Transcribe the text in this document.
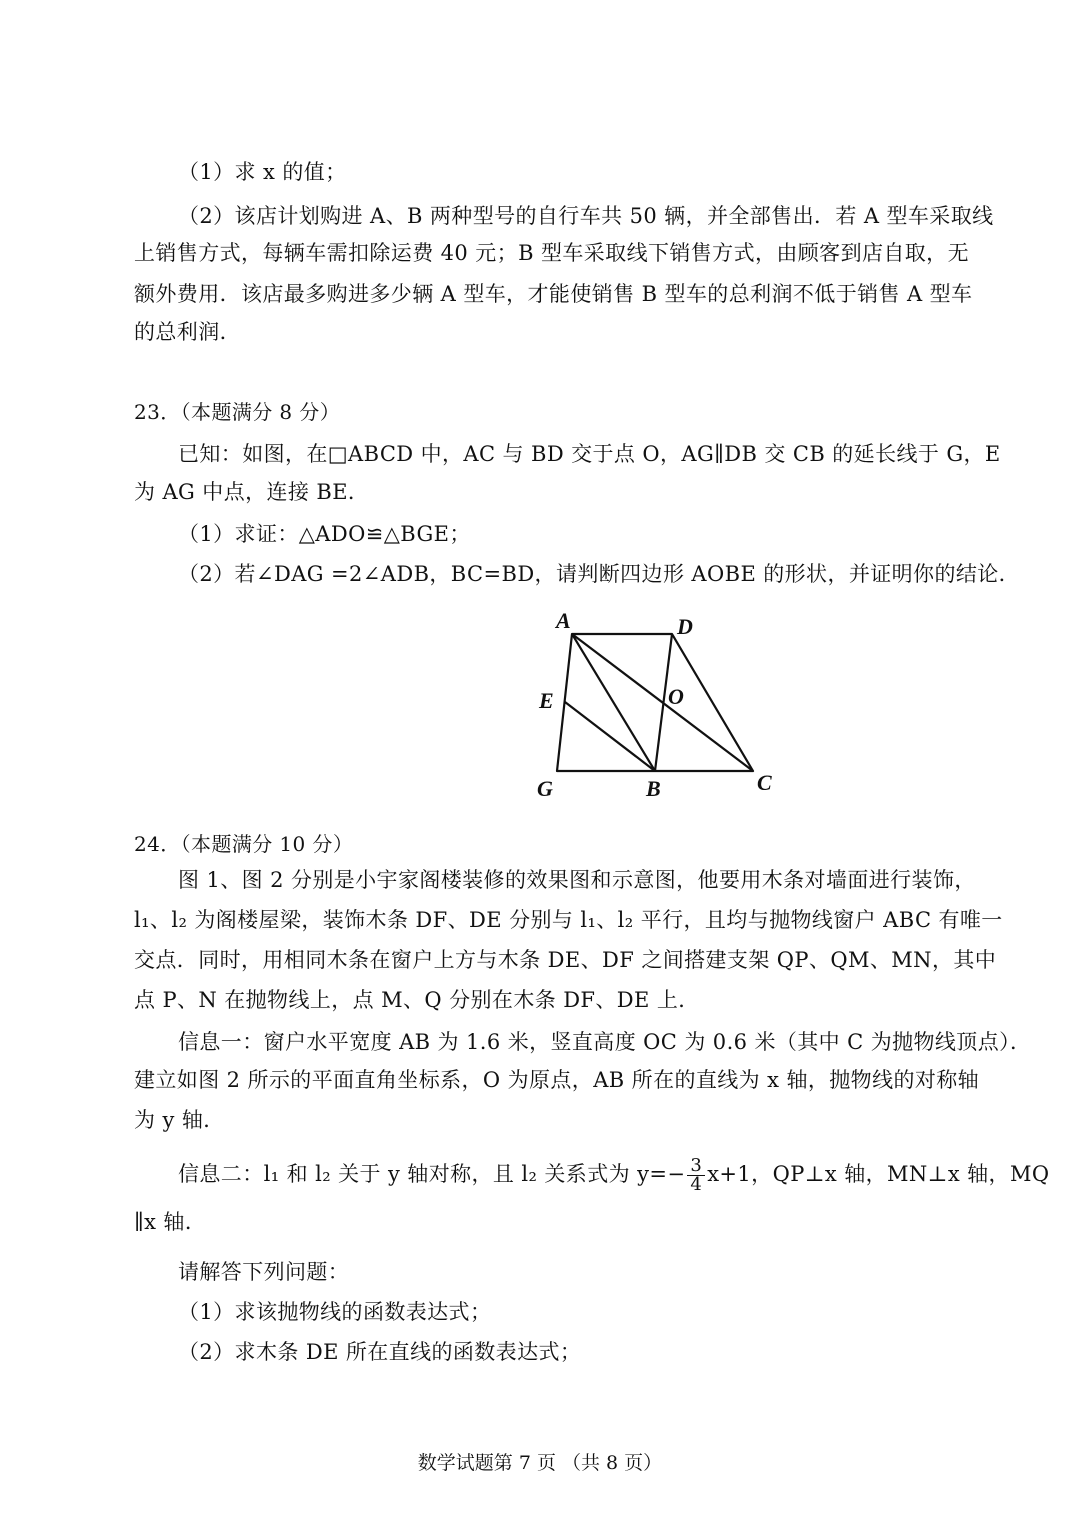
（1）求 x 的值；
（2）该店计划购进 A、B 两种型号的自行车共 50 辆，并全部售出．若 A 型车采取线
上销售方式，每辆车需扣除运费 40 元；B 型车采取线下销售方式，由顾客到店自取，无
额外费用．该店最多购进多少辆 A 型车，才能使销售 B 型车的总利润不低于销售 A 型车
的总利润．
23．（本题满分 8 分）
已知：如图，在□ABCD 中，AC 与 BD 交于点 O，AG∥DB 交 CB 的延长线于 G，E
为 AG 中点，连接 BE．
（1）求证：△ADO≌△BGE；
（2）若∠DAG =2∠ADB，BC=BD，请判断四边形 AOBE 的形状，并证明你的结论．
A	D
E	O
G	B	C
24．（本题满分 10 分）
图 1、图 2 分别是小宇家阁楼装修的效果图和示意图，他要用木条对墙面进行装饰，
l₁、l₂ 为阁楼屋梁，装饰木条 DF、DE 分别与 l₁、l₂ 平行，且均与抛物线窗户 ABC 有唯一
交点．同时，用相同木条在窗户上方与木条 DE、DF 之间搭建支架 QP、QM、MN，其中
点 P、N 在抛物线上，点 M、Q 分别在木条 DF、DE 上．
信息一：窗户水平宽度 AB 为 1.6 米，竖直高度 OC 为 0.6 米（其中 C 为抛物线顶点）．
建立如图 2 所示的平面直角坐标系，O 为原点，AB 所在的直线为 x 轴，抛物线的对称轴
为 y 轴．
信息二：l₁ 和 l₂ 关于 y 轴对称，且 l₂ 关系式为 $y=- \frac{3}{4} x+1$，QP⊥x 轴，MN⊥x 轴，MQ
∥x 轴．
请解答下列问题：
（1）求该抛物线的函数表达式；
（2）求木条 DE 所在直线的函数表达式；
数学试题第 7 页 （共 8 页）
